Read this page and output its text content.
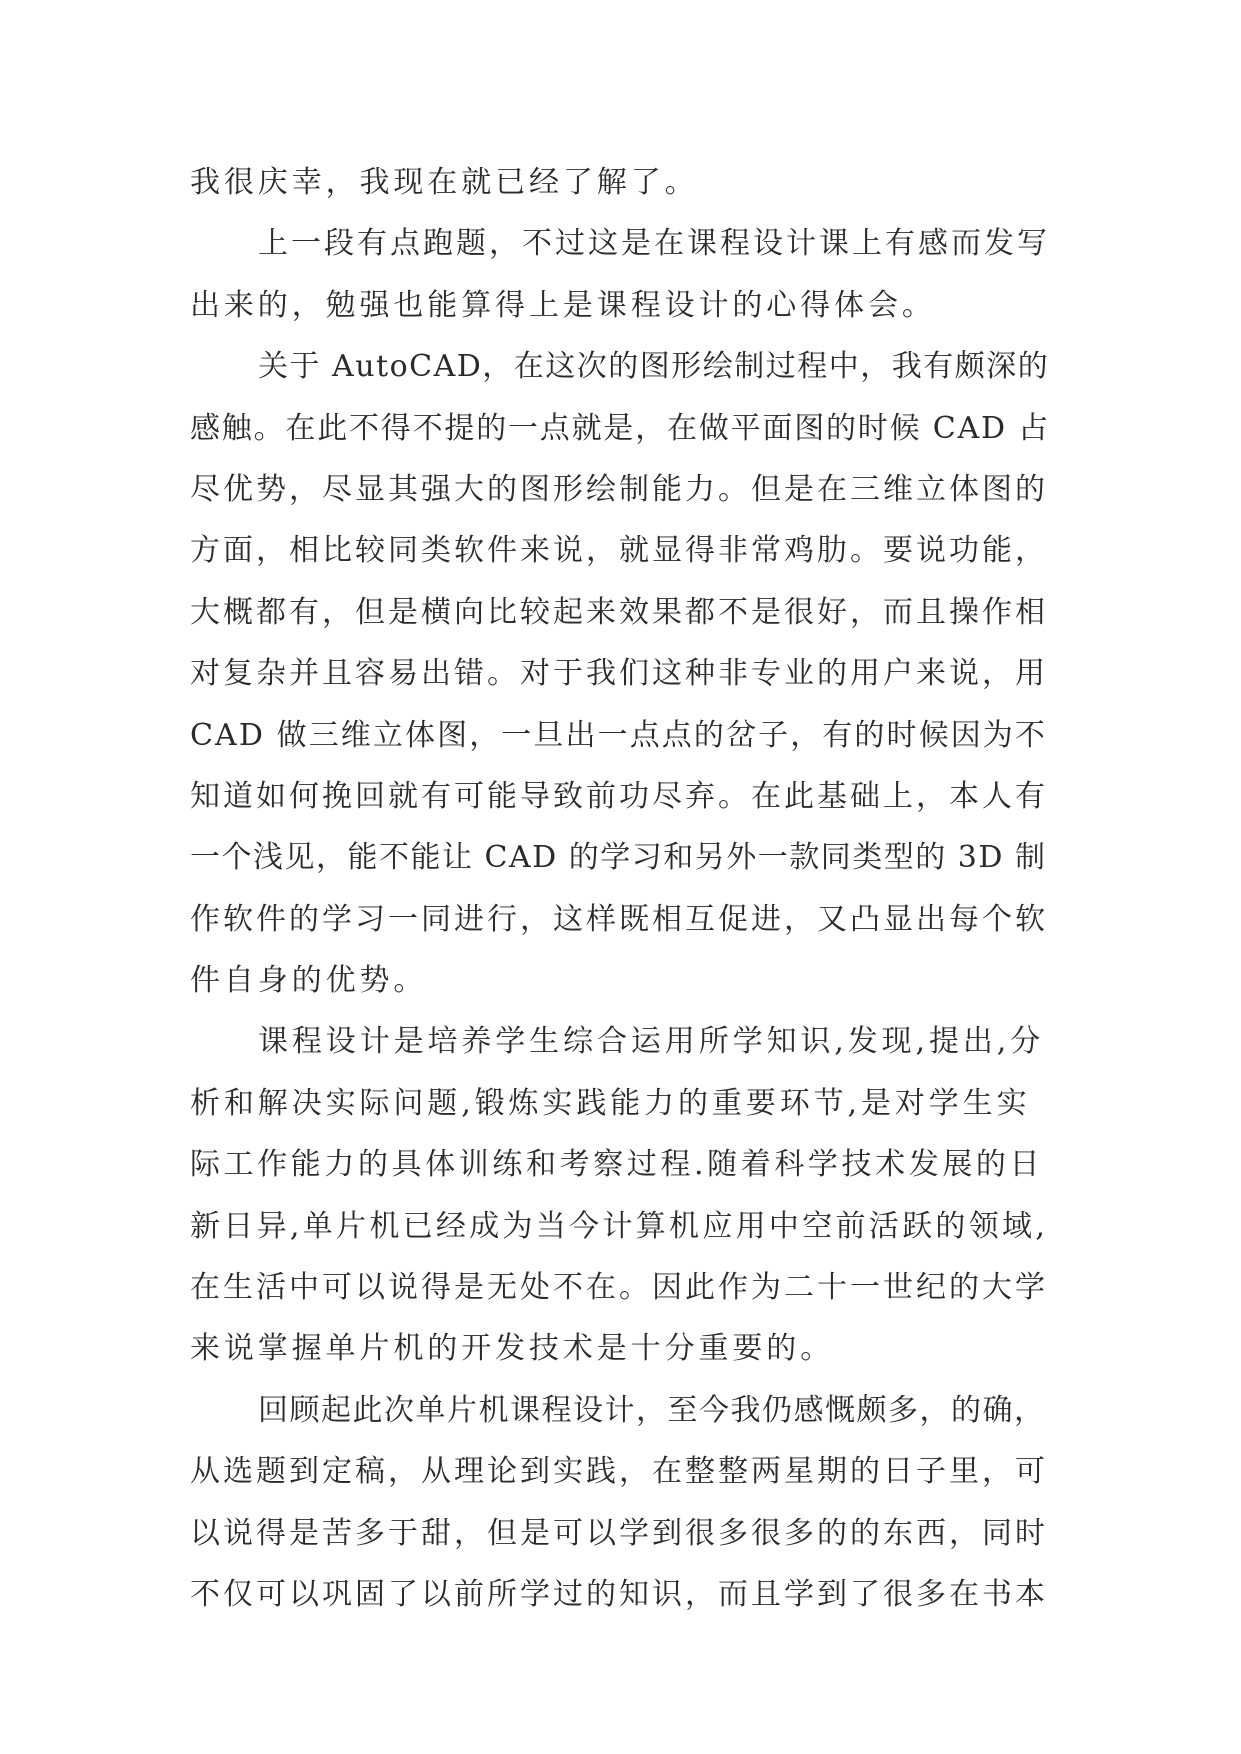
我很庆幸，我现在就已经了解了。
上一段有点跑题，不过这是在课程设计课上有感而发写
出来的，勉强也能算得上是课程设计的心得体会。
关于 AutoCAD，在这次的图形绘制过程中，我有颇深的
感触。在此不得不提的一点就是，在做平面图的时候 CAD 占
尽优势，尽显其强大的图形绘制能力。但是在三维立体图的
方面，相比较同类软件来说，就显得非常鸡肋。要说功能，
大概都有，但是横向比较起来效果都不是很好，而且操作相
对复杂并且容易出错。对于我们这种非专业的用户来说，用
CAD 做三维立体图，一旦出一点点的岔子，有的时候因为不
知道如何挽回就有可能导致前功尽弃。在此基础上，本人有
一个浅见，能不能让 CAD 的学习和另外一款同类型的 3D 制
作软件的学习一同进行，这样既相互促进，又凸显出每个软
件自身的优势。
课程设计是培养学生综合运用所学知识,发现,提出,分
析和解决实际问题,锻炼实践能力的重要环节,是对学生实
际工作能力的具体训练和考察过程.随着科学技术发展的日
新日异,单片机已经成为当今计算机应用中空前活跃的领域,
在生活中可以说得是无处不在。因此作为二十一世纪的大学
来说掌握单片机的开发技术是十分重要的。
回顾起此次单片机课程设计，至今我仍感慨颇多，的确，
从选题到定稿，从理论到实践，在整整两星期的日子里，可
以说得是苦多于甜，但是可以学到很多很多的的东西，同时
不仅可以巩固了以前所学过的知识，而且学到了很多在书本
